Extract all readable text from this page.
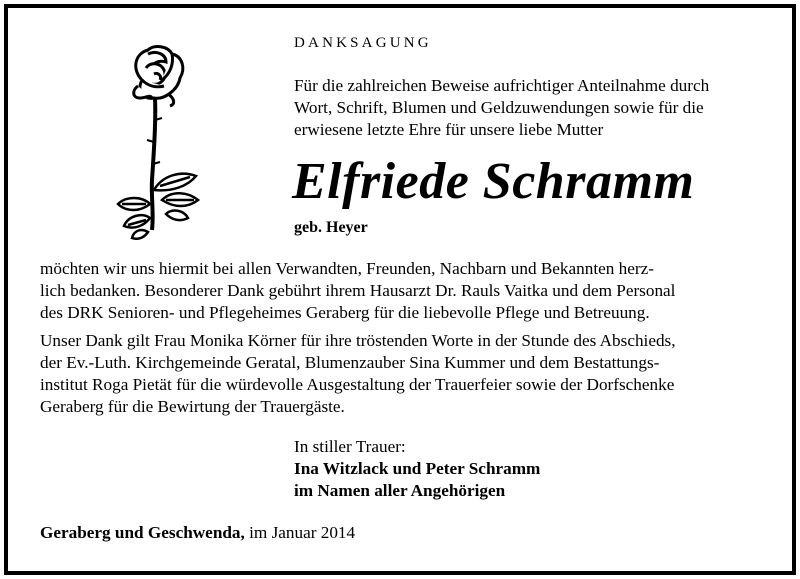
DANKSAGUNG
Für die zahlreichen Beweise aufrichtiger Anteilnahme durch
Wort, Schrift, Blumen und Geldzuwendungen sowie für die
erwiesene letzte Ehre für unsere liebe Mutter
Elfriede Schramm
geb. Heyer
möchten wir uns hiermit bei allen Verwandten, Freunden, Nachbarn und Bekannten herz-
lich bedanken. Besonderer Dank gebührt ihrem Hausarzt Dr. Rauls Vaitka und dem Personal
des DRK Senioren- und Pflegeheimes Geraberg für die liebevolle Pflege und Betreuung.
Unser Dank gilt Frau Monika Körner für ihre tröstenden Worte in der Stunde des Abschieds,
der Ev.-Luth. Kirchgemeinde Geratal, Blumenzauber Sina Kummer und dem Bestattungs-
institut Roga Pietät für die würdevolle Ausgestaltung der Trauerfeier sowie der Dorfschenke
Geraberg für die Bewirtung der Trauergäste.
In stiller Trauer:
Ina Witzlack und Peter Schramm
im Namen aller Angehörigen
Geraberg und Geschwenda, im Januar 2014
